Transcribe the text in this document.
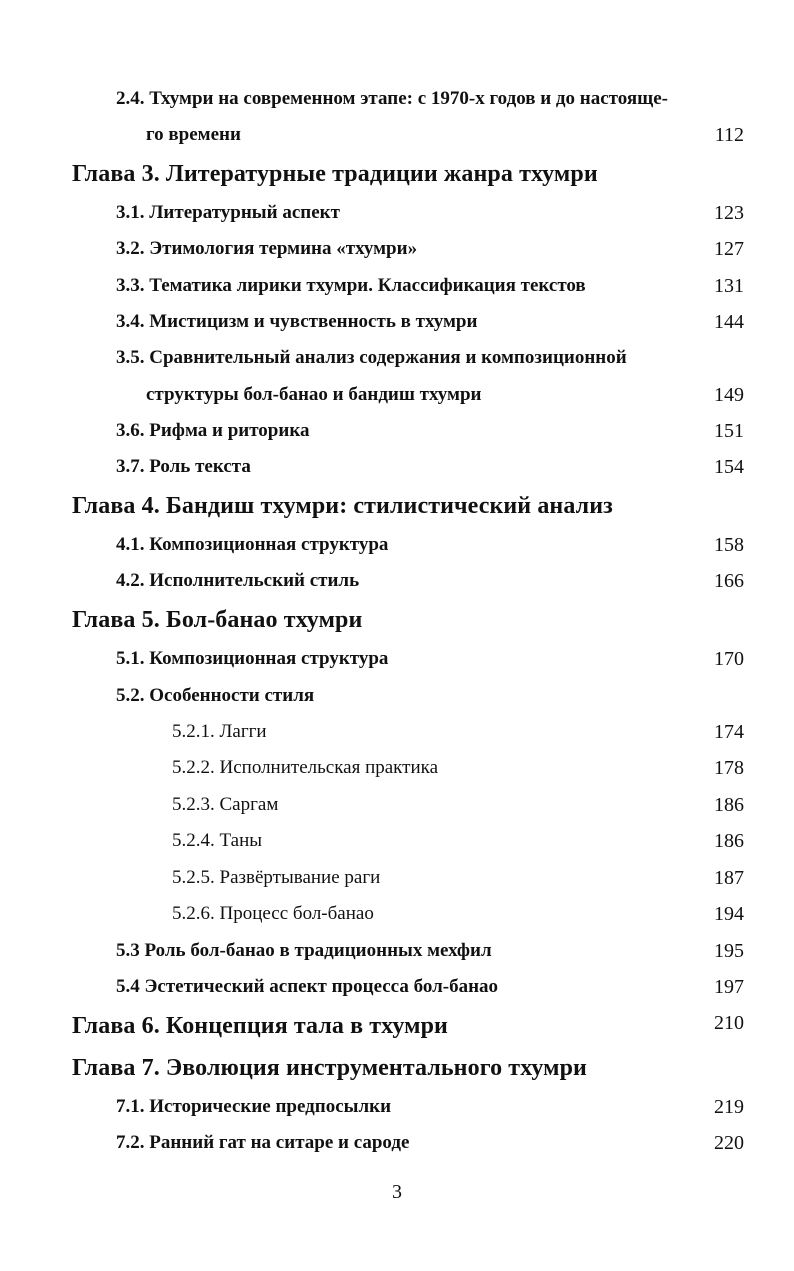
2.4. Тхумри на современном этапе: с 1970-х годов и до настояще-
го времени	112
Глава 3. Литературные традиции жанра тхумри
3.1. Литературный аспект	123
3.2. Этимология термина «тхумри»	127
3.3. Тематика лирики тхумри. Классификация текстов	131
3.4. Мистицизм и чувственность в тхумри	144
3.5. Сравнительный анализ содержания и композиционной
структуры бол-банао и бандиш тхумри	149
3.6. Рифма и риторика	151
3.7. Роль текста	154
Глава 4. Бандиш тхумри: стилистический анализ
4.1. Композиционная структура	158
4.2. Исполнительский стиль	166
Глава 5. Бол-банао тхумри
5.1. Композиционная структура	170
5.2. Особенности стиля
5.2.1. Лагги	174
5.2.2. Исполнительская практика	178
5.2.3. Саргам	186
5.2.4. Таны	186
5.2.5. Развёртывание раги	187
5.2.6. Процесс бол-банао	194
5.3 Роль бол-банао в традиционных мехфил	195
5.4 Эстетический аспект процесса бол-банао	197
Глава 6. Концепция тала в тхумри	210
Глава 7. Эволюция инструментального тхумри
7.1. Исторические предпосылки	219
7.2. Ранний гат на ситаре и сароде	220
3
